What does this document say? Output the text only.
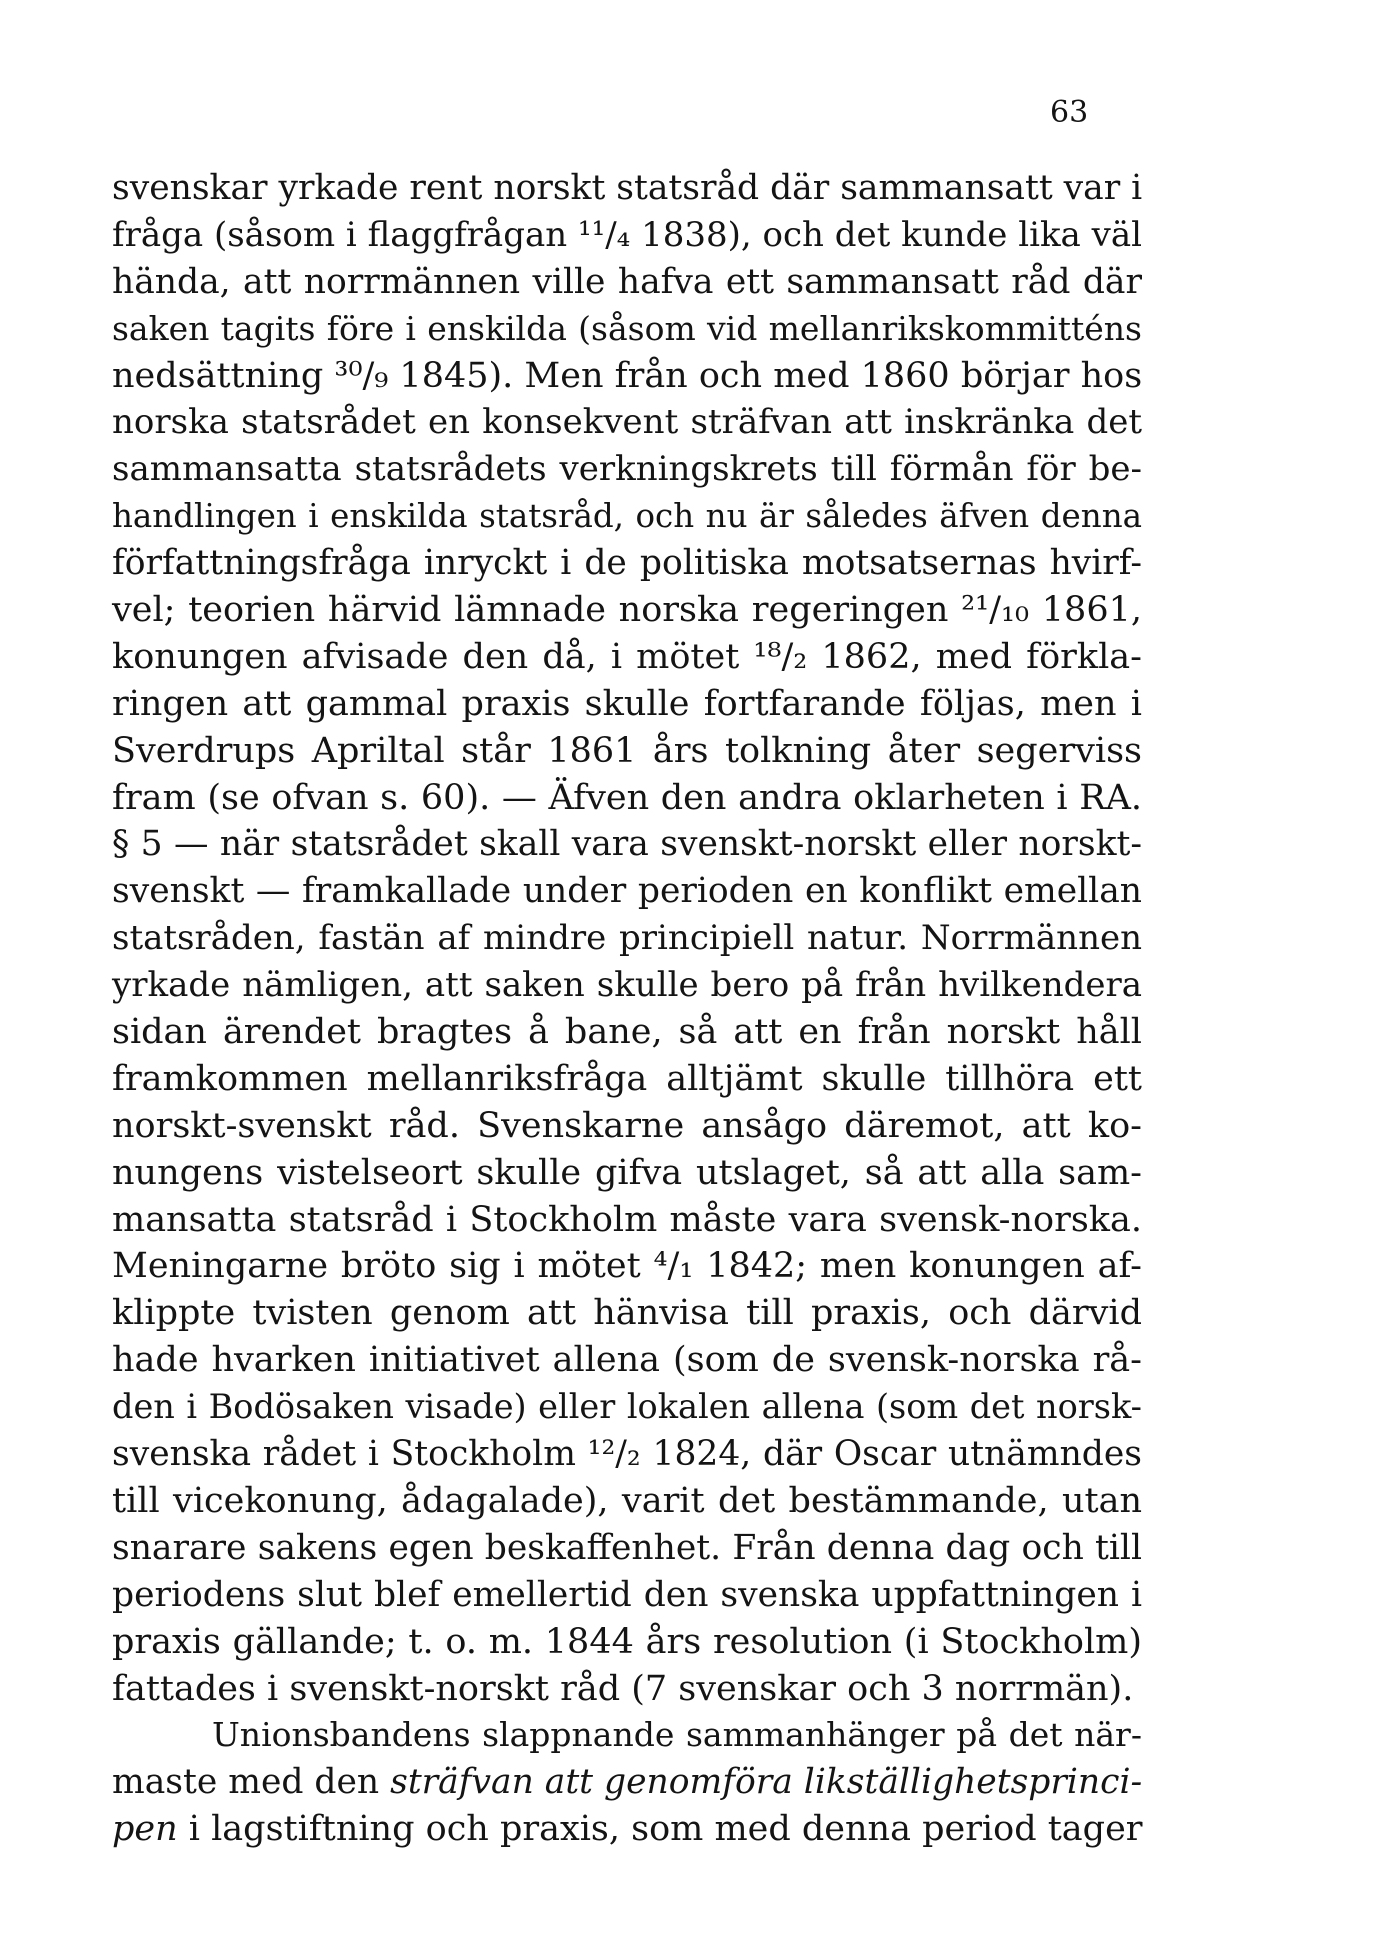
63
svenskar yrkade rent norskt statsråd där sammansatt var i
fråga (såsom i flaggfrågan ¹¹/₄ 1838), och det kunde lika väl
hända, att norrmännen ville hafva ett sammansatt råd där
saken tagits före i enskilda (såsom vid mellanrikskommitténs
nedsättning ³⁰/₉ 1845). Men från och med 1860 börjar hos
norska statsrådet en konsekvent sträfvan att inskränka det
sammansatta statsrådets verkningskrets till förmån för be-
handlingen i enskilda statsråd, och nu är således äfven denna
författningsfråga inryckt i de politiska motsatsernas hvirf-
vel; teorien härvid lämnade norska regeringen ²¹/₁₀ 1861,
konungen afvisade den då, i mötet ¹⁸/₂ 1862, med förkla-
ringen att gammal praxis skulle fortfarande följas, men i
Sverdrups Apriltal står 1861 års tolkning åter segerviss
fram (se ofvan s. 60). — Äfven den andra oklarheten i RA.
§ 5 — när statsrådet skall vara svenskt-norskt eller norskt-
svenskt — framkallade under perioden en konflikt emellan
statsråden, fastän af mindre principiell natur. Norrmännen
yrkade nämligen, att saken skulle bero på från hvilkendera
sidan ärendet bragtes å bane, så att en från norskt håll
framkommen mellanriksfråga alltjämt skulle tillhöra ett
norskt-svenskt råd. Svenskarne ansågo däremot, att ko-
nungens vistelseort skulle gifva utslaget, så att alla sam-
mansatta statsråd i Stockholm måste vara svensk-norska.
Meningarne bröto sig i mötet ⁴/₁ 1842; men konungen af-
klippte tvisten genom att hänvisa till praxis, och därvid
hade hvarken initiativet allena (som de svensk-norska rå-
den i Bodösaken visade) eller lokalen allena (som det norsk-
svenska rådet i Stockholm ¹²/₂ 1824, där Oscar utnämndes
till vicekonung, ådagalade), varit det bestämmande, utan
snarare sakens egen beskaffenhet. Från denna dag och till
periodens slut blef emellertid den svenska uppfattningen i
praxis gällande; t. o. m. 1844 års resolution (i Stockholm)
fattades i svenskt-norskt råd (7 svenskar och 3 norrmän).
Unionsbandens slappnande sammanhänger på det när-
maste med den sträfvan att genomföra likställighetsprinci-
pen i lagstiftning och praxis, som med denna period tager
